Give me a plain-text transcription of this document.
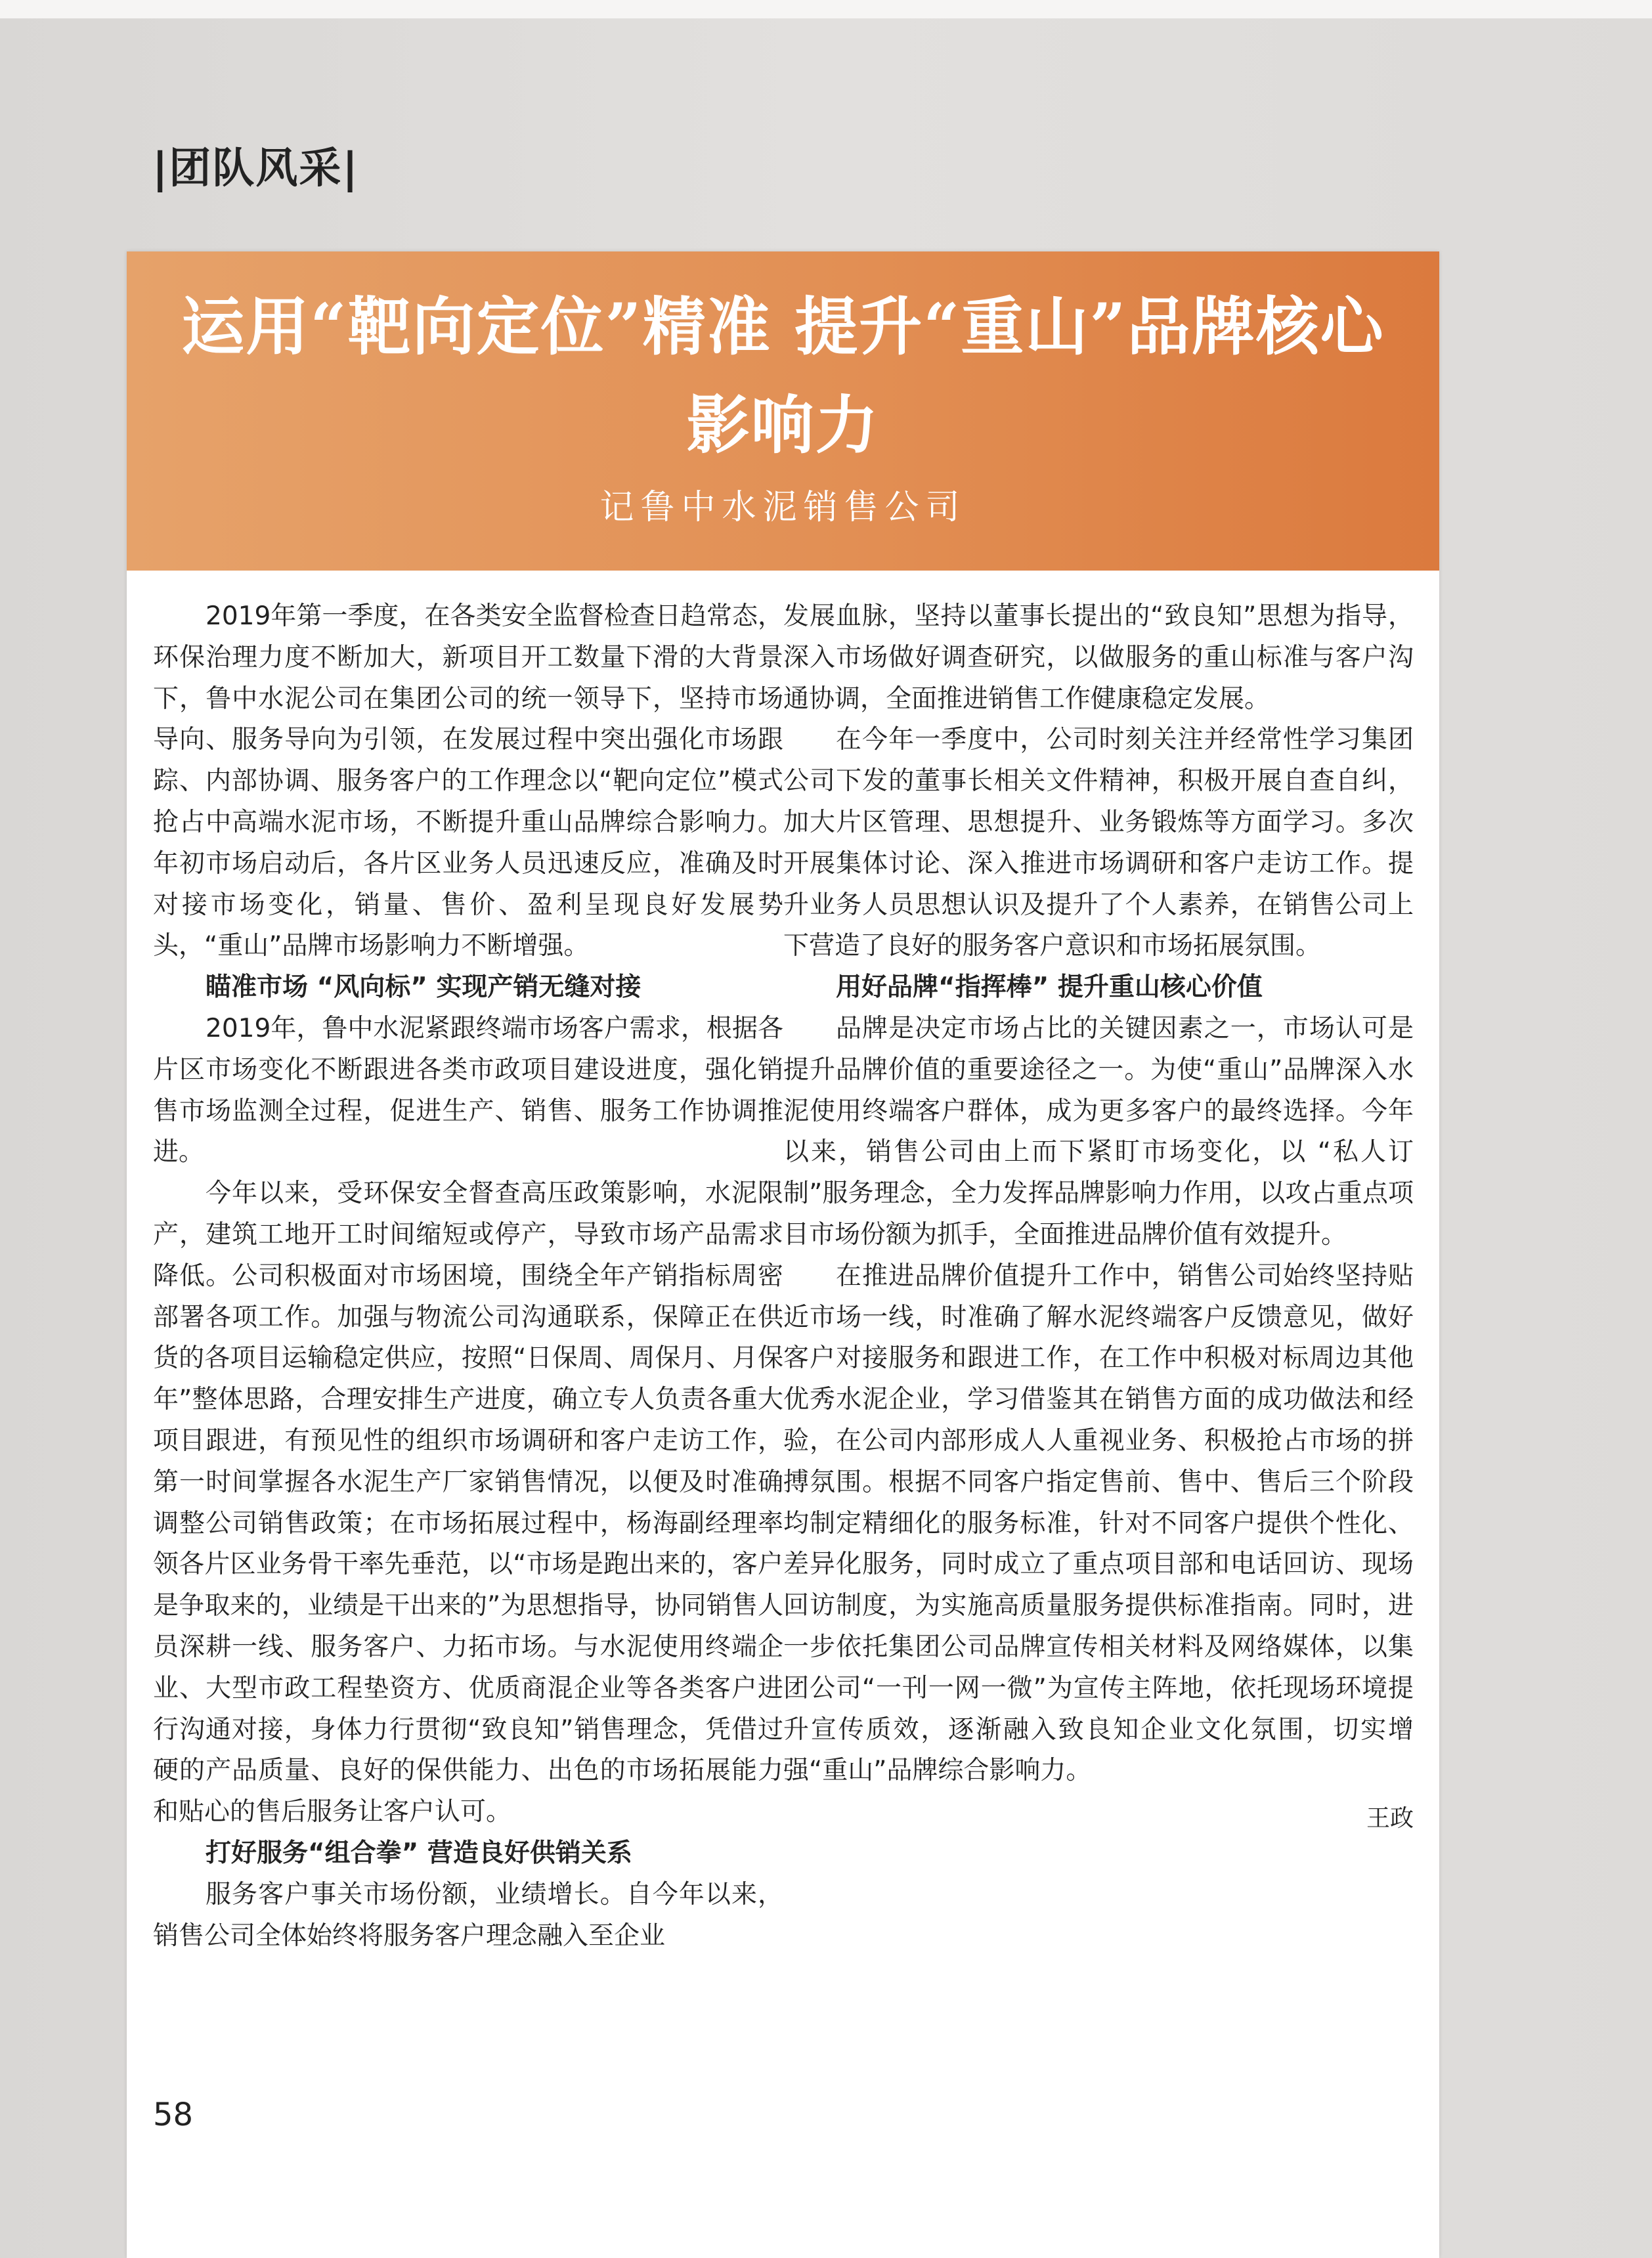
|团队风采|
运用“靶向定位”精准 提升“重山”品牌核心影响力
记鲁中水泥销售公司

2019年第一季度，在各类安全监督检查日趋常态，环保治理力度不断加大，新项目开工数量下滑的大背景下，鲁中水泥公司在集团公司的统一领导下，坚持市场导向、服务导向为引领，在发展过程中突出强化市场跟踪、内部协调、服务客户的工作理念以“靶向定位”模式抢占中高端水泥市场，不断提升重山品牌综合影响力。年初市场启动后，各片区业务人员迅速反应，准确及时对接市场变化，销量、售价、盈利呈现良好发展势头，“重山”品牌市场影响力不断增强。

瞄准市场 “风向标” 实现产销无缝对接

2019年，鲁中水泥紧跟终端市场客户需求，根据各片区市场变化不断跟进各类市政项目建设进度，强化销售市场监测全过程，促进生产、销售、服务工作协调推进。

今年以来，受环保安全督查高压政策影响，水泥限产，建筑工地开工时间缩短或停产，导致市场产品需求降低。公司积极面对市场困境，围绕全年产销指标周密部署各项工作。加强与物流公司沟通联系，保障正在供货的各项目运输稳定供应，按照“日保周、周保月、月保年”整体思路，合理安排生产进度，确立专人负责各重大项目跟进，有预见性的组织市场调研和客户走访工作，第一时间掌握各水泥生产厂家销售情况，以便及时准确调整公司销售政策；在市场拓展过程中，杨海副经理率领各片区业务骨干率先垂范，以“市场是跑出来的，客户是争取来的，业绩是干出来的”为思想指导，协同销售人员深耕一线、服务客户、力拓市场。与水泥使用终端企业、大型市政工程垫资方、优质商混企业等各类客户进行沟通对接，身体力行贯彻“致良知”销售理念，凭借过硬的产品质量、良好的保供能力、出色的市场拓展能力和贴心的售后服务让客户认可。

打好服务“组合拳” 营造良好供销关系

服务客户事关市场份额，业绩增长。自今年以来，销售公司全体始终将服务客户理念融入至企业

发展血脉，坚持以董事长提出的“致良知”思想为指导，深入市场做好调查研究，以做服务的重山标准与客户沟通协调，全面推进销售工作健康稳定发展。

在今年一季度中，公司时刻关注并经常性学习集团公司下发的董事长相关文件精神，积极开展自查自纠，加大片区管理、思想提升、业务锻炼等方面学习。多次开展集体讨论、深入推进市场调研和客户走访工作。提升业务人员思想认识及提升了个人素养，在销售公司上下营造了良好的服务客户意识和市场拓展氛围。

用好品牌“指挥棒” 提升重山核心价值

品牌是决定市场占比的关键因素之一，市场认可是提升品牌价值的重要途径之一。为使“重山”品牌深入水泥使用终端客户群体，成为更多客户的最终选择。今年以来，销售公司由上而下紧盯市场变化，以 “私人订制”服务理念，全力发挥品牌影响力作用，以攻占重点项目市场份额为抓手，全面推进品牌价值有效提升。

在推进品牌价值提升工作中，销售公司始终坚持贴近市场一线，时准确了解水泥终端客户反馈意见，做好客户对接服务和跟进工作，在工作中积极对标周边其他优秀水泥企业，学习借鉴其在销售方面的成功做法和经验，在公司内部形成人人重视业务、积极抢占市场的拼搏氛围。根据不同客户指定售前、售中、售后三个阶段均制定精细化的服务标准，针对不同客户提供个性化、差异化服务，同时成立了重点项目部和电话回访、现场回访制度，为实施高质量服务提供标准指南。同时，进一步依托集团公司品牌宣传相关材料及网络媒体，以集团公司“一刊一网一微”为宣传主阵地，依托现场环境提升宣传质效，逐渐融入致良知企业文化氛围，切实增强“重山”品牌综合影响力。

王政
58
